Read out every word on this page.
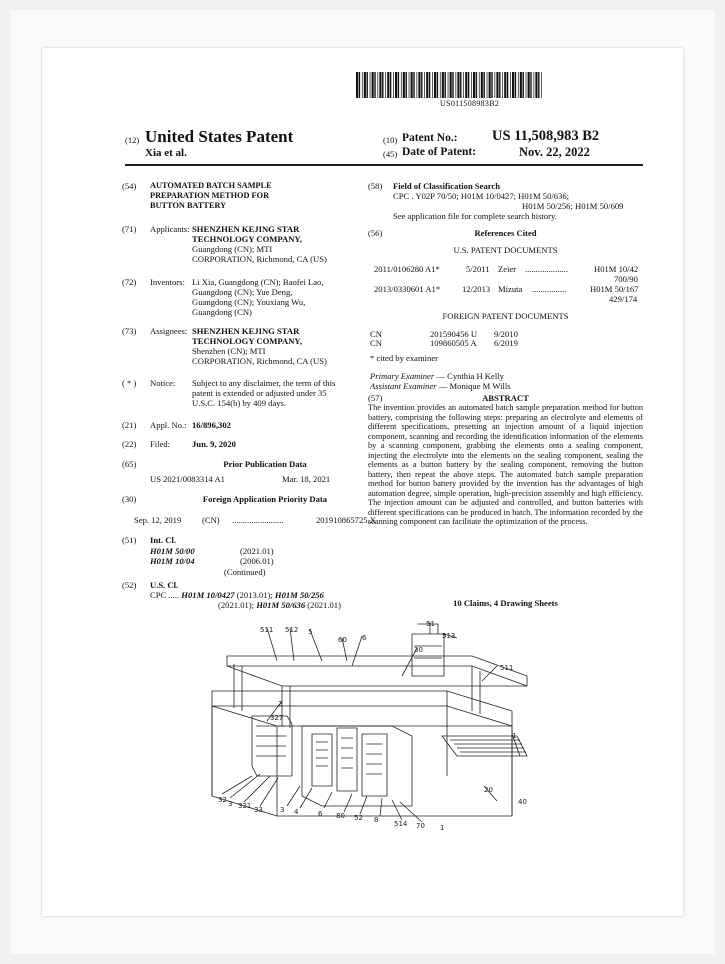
US011508983B2
(12) United States Patent
Xia et al.
(10) Patent No.: US 11,508,983 B2
(45) Date of Patent:	Nov. 22, 2022
(54) AUTOMATED BATCH SAMPLE PREPARATION METHOD FOR BUTTON BATTERY
(71) Applicants: SHENZHEN KEJING STAR
TECHNOLOGY COMPANY,
Guangdong (CN); MTI
CORPORATION, Richmond, CA (US)
(72) Inventors: Li Xia, Guangdong (CN); Baofei Lao,
Guangdong (CN); Yue Deng,
Guangdong (CN); Youxiang Wu,
Guangdong (CN)
(73) Assignees: SHENZHEN KEJING STAR
TECHNOLOGY COMPANY,
Shenzhen (CN); MTI
CORPORATION, Richmond, CA (US)
( * ) Notice: Subject to any disclaimer, the term of this
patent is extended or adjusted under 35
U.S.C. 154(b) by 409 days.
(21) Appl. No.: 16/896,302
(22) Filed:	Jun. 9, 2020
(65)	Prior Publication Data
US 2021/0083314 A1	Mar. 18, 2021
(30)	Foreign Application Priority Data
Sep. 12, 2019 (CN) ........................	201910865725.X
(51) Int. Cl.
H01M 50/00	(2021.01)
H01M 10/04	(2006.01)
(Continued)
(52) U.S. Cl.
CPC ..... H01M 10/0427 (2013.01); H01M 50/256
(2021.01); H01M 50/636 (2021.01)
(58) Field of Classification Search
CPC . Y02P 70/50; H01M 10/0427; H01M 50/636;
H01M 50/256; H01M 50/609
See application file for complete search history.
(56)	References Cited
U.S. PATENT DOCUMENTS
2011/0106280 A1*	5/2011 Zeier ....................	H01M 10/42
700/90
2013/0330601 A1*	12/2013 Mizuta ................	H01M 50/167
429/174
FOREIGN PATENT DOCUMENTS
CN	201590456 U 9/2010
CN	109860505 A 6/2019
* cited by examiner
Primary Examiner — Cynthia H Kelly
Assistant Examiner — Monique M Wills
(57)	ABSTRACT
The invention provides an automated batch sample preparation method for button battery, comprising the following steps: preparing an electrolyte and elements of different specifications, presetting an injection amount of a liquid injection component, scanning and recording the identification information of the elements by a scanning component, grabbing the elements onto a sealing component, injecting the electrolyte into the elements on the sealing component, sealing the elements as a button battery by the sealing component, removing the button battery, then repeat the above steps. The automated batch sample preparation method for button battery provided by the invention has the advantages of high automation degree, simple operation, high-precision assembly and high efficiency. The injection amount can be adjusted and controlled, and button batteries with different specifications can be produced in batch. The information recorded by the scanning component can facilitate the optimization of the process.
10 Claims, 4 Drawing Sheets
511 512
51
513
5
60 6
30
511
2
327
1
20
40
32 3 321 33 3 4	6 80 52 8 514 70 1
